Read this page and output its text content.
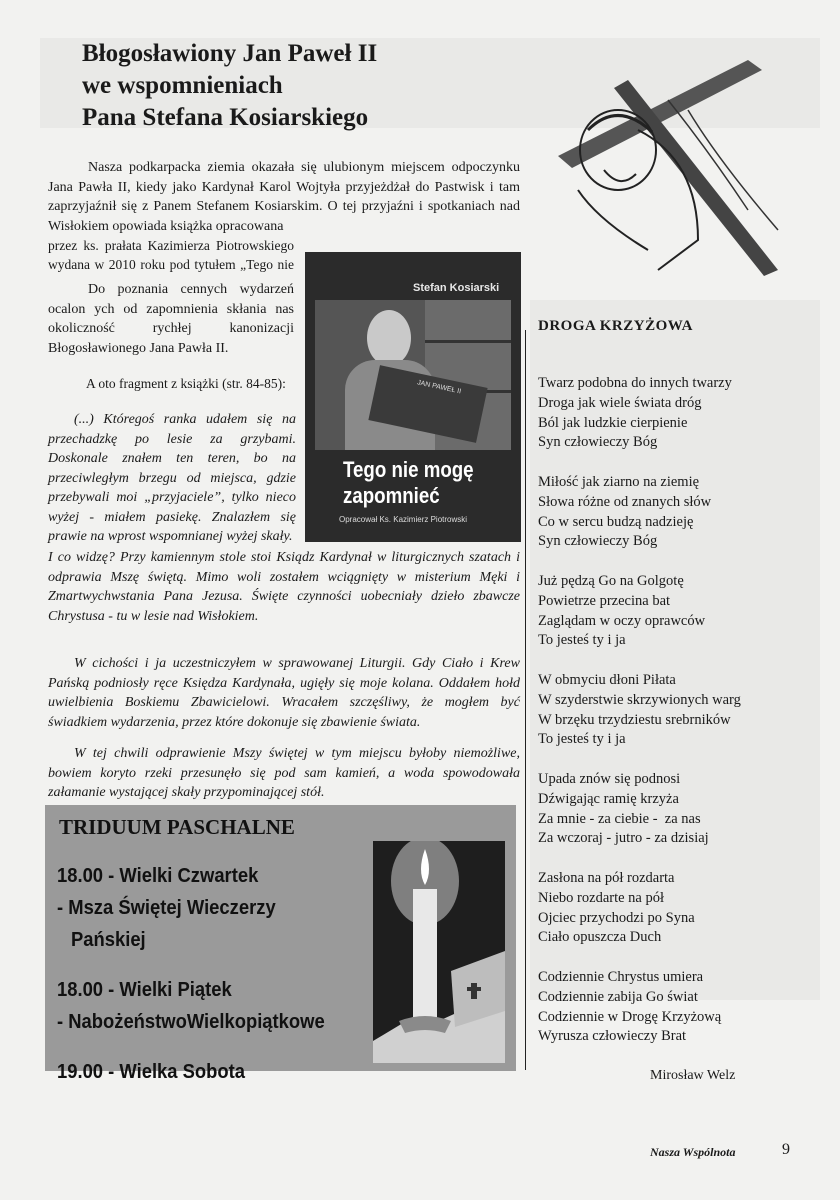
Błogosławiony Jan Paweł II
we wspomnieniach
Pana Stefana Kosiarskiego
Nasza podkarpacka ziemia okazała się ulubionym miejscem odpoczynku Jana Pawła II, kiedy jako Kardynał Karol Wojtyła przyjeżdżał do Pastwisk i tam zaprzyjaźnił się z Panem Stefanem Kosiarskim. O tej przyjaźni i spotkaniach nad Wisłokiem opowiada książka opracowana
przez ks. prałata Kazimierza Piotrowskiego wydana w 2010 roku pod tytułem „Tego nie
Do poznania cennych wydarzeń ocalon ych od zapomnienia skłania nas okoliczność rychłej kanonizacji Błogosławionego Jana Pawła II.
A oto fragment z książki (str. 84-85):
(...) Któregoś ranka udałem się na przechadzkę po lesie za grzybami. Doskonale znałem ten teren, bo na przeciwległym brzegu od miejsca, gdzie przebywali moi „przyjaciele”, tylko nieco wyżej - miałem pasiekę. Znalazłem się prawie na wprost wspomnianej wyżej skały.
I co widzę? Przy kamiennym stole stoi Ksiądz Kardynał w liturgicznych szatach i odprawia Mszę świętą. Mimo woli zostałem wciągnięty w misterium Męki i Zmartwychwstania Pana Jezusa. Święte czynności uobecniały dzieło zbawcze Chrystusa - tu w lesie nad Wisłokiem.
W cichości i ja uczestniczyłem w sprawowanej Liturgii. Gdy Ciało i Krew Pańską podniosły ręce Księdza Kardynała, ugięły się moje kolana. Oddałem hołd uwielbienia Boskiemu Zbawicielowi. Wracałem szczęśliwy, że mogłem być świadkiem wydarzenia, przez które dokonuje się zbawienie świata.
W tej chwili odprawienie Mszy świętej w tym miejscu byłoby niemożliwe, bowiem koryto rzeki przesunęło się pod sam kamień, a woda spowodowała załamanie wystającej skały przypominającej stół.
Stefan Kosiarski
JAN PAWEŁ II
Tego nie mogę
zapomnieć
Opracował Ks. Kazimierz Piotrowski
TRIDUUM PASCHALNE
18.00 - Wielki Czwartek
- Msza Świętej Wieczerzy
Pańskiej
18.00 - Wielki Piątek
- NabożeństwoWielkopiątkowe
19.00 - Wielka Sobota
DROGA KRZYŻOWA
Twarz podobna do innych twarzy
Droga jak wiele świata dróg
Ból jak ludzkie cierpienie
Syn człowieczy Bóg
Miłość jak ziarno na ziemię
Słowa różne od znanych słów
Co w sercu budzą nadzieję
Syn człowieczy Bóg
Już pędzą Go na Golgotę
Powietrze przecina bat
Zaglądam w oczy oprawców
To jesteś ty i ja
W obmyciu dłoni Piłata
W szyderstwie skrzywionych warg
W brzęku trzydziestu srebrników
To jesteś ty i ja
Upada znów się podnosi
Dźwigając ramię krzyża
Za mnie - za ciebie -  za nas
Za wczoraj - jutro - za dzisiaj
Zasłona na pół rozdarta
Niebo rozdarte na pół
Ojciec przychodzi po Syna
Ciało opuszcza Duch
Codziennie Chrystus umiera
Codziennie zabija Go świat
Codziennie w Drogę Krzyżową
Wyrusza człowieczy Brat
Mirosław Welz
Nasza Wspólnota	9
